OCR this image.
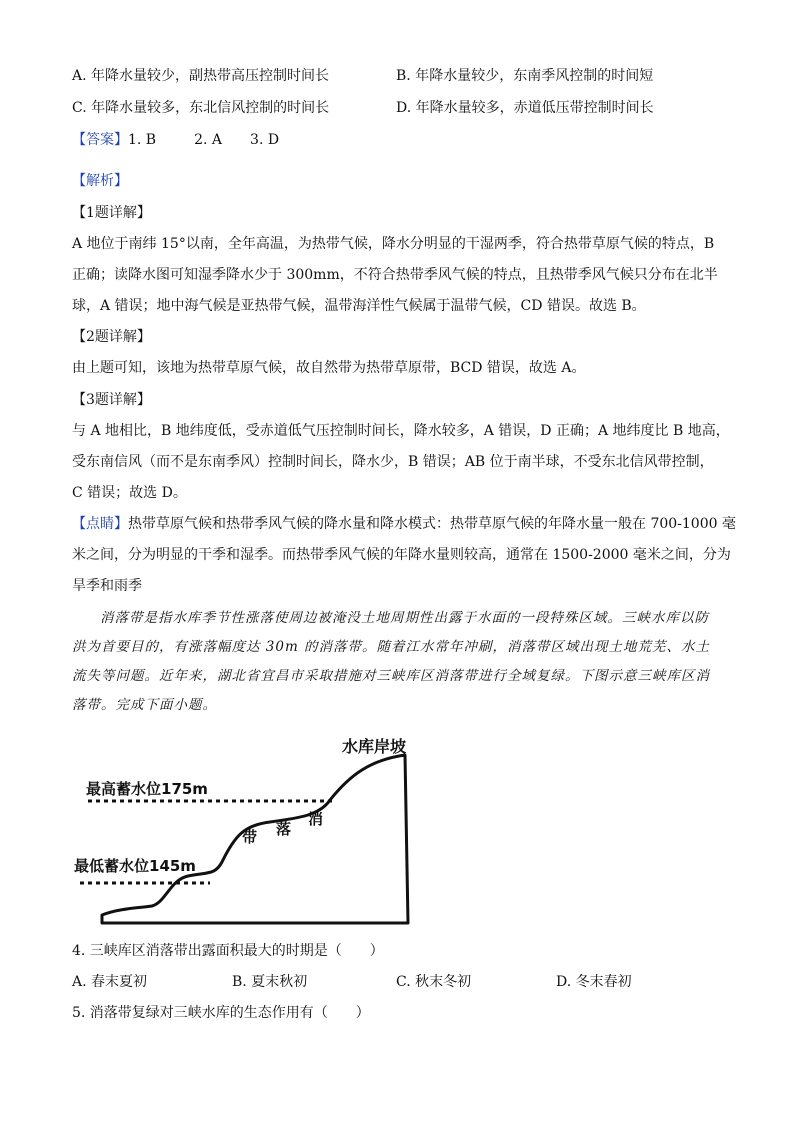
A. 年降水量较少，副热带高压控制时间长	B. 年降水量较少，东南季风控制的时间短
C. 年降水量较多，东北信风控制的时间长	D. 年降水量较多，赤道低压带控制时间长
【答案】1. B	2. A 3. D
【解析】
【1题详解】
A 地位于南纬 15°以南，全年高温，为热带气候，降水分明显的干湿两季，符合热带草原气候的特点，B
正确；读降水图可知湿季降水少于 300mm，不符合热带季风气候的特点，且热带季风气候只分布在北半
球，A 错误；地中海气候是亚热带气候，温带海洋性气候属于温带气候，CD 错误。故选 B。
【2题详解】
由上题可知，该地为热带草原气候，故自然带为热带草原带，BCD 错误，故选 A。
【3题详解】
与 A 地相比，B 地纬度低，受赤道低气压控制时间长，降水较多，A 错误，D 正确；A 地纬度比 B 地高，
受东南信风（而不是东南季风）控制时间长，降水少，B 错误；AB 位于南半球，不受东北信风带控制，
C 错误；故选 D。
【点睛】热带草原气候和热带季风气候的降水量和降水模式：热带草原气候的年降水量一般在 700-1000 毫
米之间，分为明显的干季和湿季。而热带季风气候的年降水量则较高，通常在 1500-2000 毫米之间，分为
旱季和雨季
消落带是指水库季节性涨落使周边被淹没土地周期性出露于水面的一段特殊区域。三峡水库以防洪为首要目的，有涨落幅度达 30m 的消落带。随着江水常年冲刷，消落带区域出现土地荒芜、水土流失等问题。近年来，湖北省宜昌市采取措施对三峡库区消落带进行全域复绿。下图示意三峡库区消落带。完成下面小题。
水库岸坡
最高蓄水位175m
最低蓄水位145m
消
落
带
4. 三峡库区消落带出露面积最大的时期是（　　）
A. 春末夏初	B. 夏末秋初	C. 秋末冬初	D. 冬末春初
5. 消落带复绿对三峡水库的生态作用有（　　）
